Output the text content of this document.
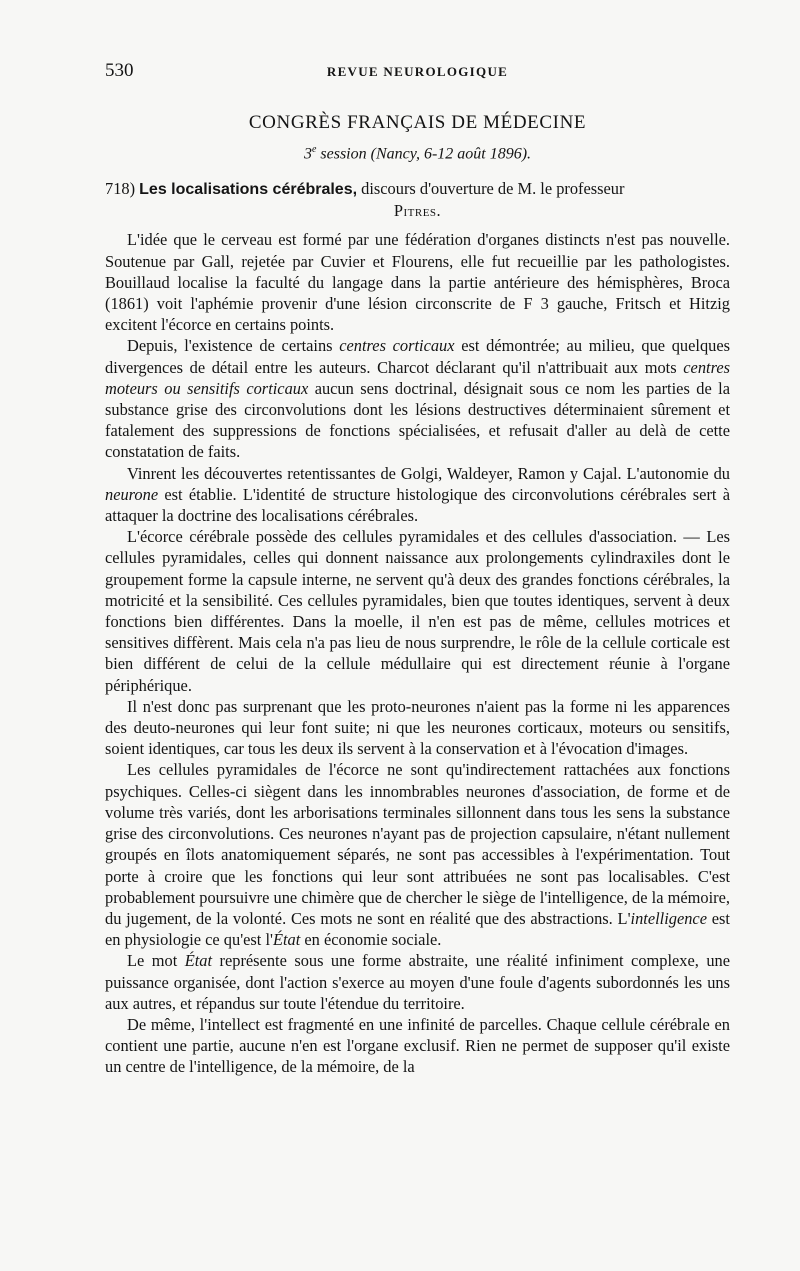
530	REVUE NEUROLOGIQUE
CONGRÈS FRANÇAIS DE MÉDECINE
3e session (Nancy, 6-12 août 1896).
718) Les localisations cérébrales, discours d'ouverture de M. le professeur
Pitres.

L'idée que le cerveau est formé par une fédération d'organes distincts n'est pas nouvelle. Soutenue par Gall, rejetée par Cuvier et Flourens, elle fut recueillie par les pathologistes. Bouillaud localise la faculté du langage dans la partie antérieure des hémisphères, Broca (1861) voit l'aphémie provenir d'une lésion circonscrite de F 3 gauche, Fritsch et Hitzig excitent l'écorce en certains points.

Depuis, l'existence de certains centres corticaux est démontrée; au milieu, que quelques divergences de détail entre les auteurs. Charcot déclarant qu'il n'attribuait aux mots centres moteurs ou sensitifs corticaux aucun sens doctrinal, désignait sous ce nom les parties de la substance grise des circonvolutions dont les lésions destructives déterminaient sûrement et fatalement des suppressions de fonctions spécialisées, et refusait d'aller au delà de cette constatation de faits.

Vinrent les découvertes retentissantes de Golgi, Waldeyer, Ramon y Cajal. L'autonomie du neurone est établie. L'identité de structure histologique des circonvolutions cérébrales sert à attaquer la doctrine des localisations cérébrales.

L'écorce cérébrale possède des cellules pyramidales et des cellules d'association. — Les cellules pyramidales, celles qui donnent naissance aux prolongements cylindraxiles dont le groupement forme la capsule interne, ne servent qu'à deux des grandes fonctions cérébrales, la motricité et la sensibilité. Ces cellules pyramidales, bien que toutes identiques, servent à deux fonctions bien différentes. Dans la moelle, il n'en est pas de même, cellules motrices et sensitives diffèrent. Mais cela n'a pas lieu de nous surprendre, le rôle de la cellule corticale est bien différent de celui de la cellule médullaire qui est directement réunie à l'organe périphérique.

Il n'est donc pas surprenant que les proto-neurones n'aient pas la forme ni les apparences des deuto-neurones qui leur font suite; ni que les neurones corticaux, moteurs ou sensitifs, soient identiques, car tous les deux ils servent à la conservation et à l'évocation d'images.

Les cellules pyramidales de l'écorce ne sont qu'indirectement rattachées aux fonctions psychiques. Celles-ci siègent dans les innombrables neurones d'association, de forme et de volume très variés, dont les arborisations terminales sillonnent dans tous les sens la substance grise des circonvolutions. Ces neurones n'ayant pas de projection capsulaire, n'étant nullement groupés en îlots anatomiquement séparés, ne sont pas accessibles à l'expérimentation. Tout porte à croire que les fonctions qui leur sont attribuées ne sont pas localisables. C'est probablement poursuivre une chimère que de chercher le siège de l'intelligence, de la mémoire, du jugement, de la volonté. Ces mots ne sont en réalité que des abstractions. L'intelligence est en physiologie ce qu'est l'État en économie sociale.

Le mot État représente sous une forme abstraite, une réalité infiniment complexe, une puissance organisée, dont l'action s'exerce au moyen d'une foule d'agents subordonnés les uns aux autres, et répandus sur toute l'étendue du territoire.

De même, l'intellect est fragmenté en une infinité de parcelles. Chaque cellule cérébrale en contient une partie, aucune n'en est l'organe exclusif. Rien ne permet de supposer qu'il existe un centre de l'intelligence, de la mémoire, de la
